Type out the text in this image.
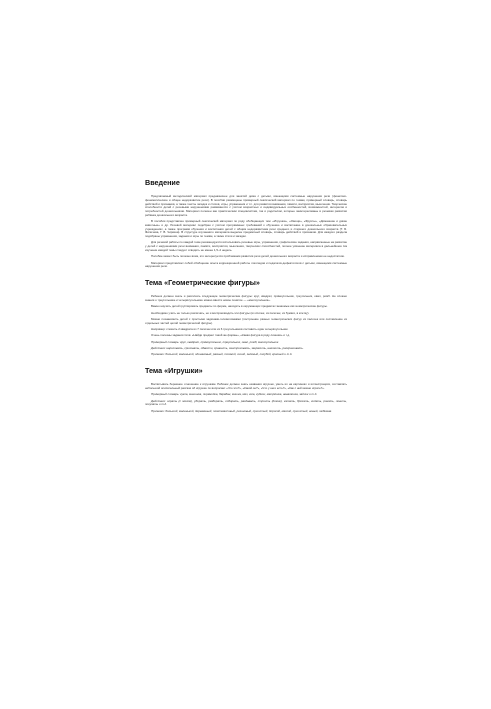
Введение

Предлагаемый методический материал предназначен для занятий дома с детьми, имеющими системные нарушения речи (фонетико-фонематическое и общее недоразвитие речи). В пособии размещены примерный лексический материал по темам, примерный словарь, словарь действий и признаков, а также тексты загадок и стихов, игры, упражнения и т.п. для развития внимания, памяти, восприятия, мышления. Творческие способности детей с речевыми нарушениями развиваются с учётом возрастных и индивидуальных особенностей, возможностей, интересов и потребностей дошкольников. Материал полезен как практическим специалистам, так и родителям, которые заинтересованы в речевом развитии ребёнка дошкольного возраста.

В пособии представлен примерный лексический материал по ряду обобщающих тем: «Игрушки», «Овощи», «Фрукты», «Домашние и дикие животные» и др. Речевой материал подобран с учётом программных требований к обучению и воспитанию в дошкольных образовательных учреждениях, а также программ обучения и воспитания детей с общим недоразвитием речи среднего и старшего дошкольного возраста (Т. Б. Филичева, Г. В. Чиркина). В структуре изучаемого материала выделен предметный словарь, словарь действий и признаков. Для каждого раздела подобраны упражнения, задания и игры по темам, а также стихи и загадки.

Для речевой работы по каждой теме рекомендуется использовать речевые игры, упражнения, графические задания, направленные на развитие у детей с нарушениями речи внимания, памяти, восприятия, мышления, творческих способностей, полное усвоение материала в дальнейшем. На изучение каждой темы следует отводить не менее 1,5–2 недель.

Пособие может быть полезно всем, кто интересуется проблемами развития речи детей дошкольного возраста и исправлением ее недостатков.

Материал представляет собой обобщение опыта коррекционной работы логопедов и педагогов-дефектологов с детьми, имеющими системные нарушения речи.

Тема «Геометрические фигуры»

Ребенок должен знать и различать следующие геометрические фигуры: круг, квадрат, прямоугольник, треугольник, овал, ромб. Не сложно знания о треугольнике и четырёхугольнике можно ввести новое понятие — «многоугольник».

Важно научить детей группировать предметы по форме, находить в окружающих предметах знакомые им геометрические фигуры.

Необходимо учить не только различать, но и воспроизводить эти фигуры (из спичек, из палочек, из бумаги, в клетку).

Можно познакомить детей с простыми задачами-головоломками (построение разных геометрических фигур из палочек или составление из отдельных частей целой геометрической фигуры).

Например: сложить 2 квадрата из 7 палочек или из 6 треугольников составить один четырёхугольник.

Очень полезны задания типа: «Найди предмет такой же формы», «Какая фигура в ряду лишняя» и т.д.

Примерный словарь: круг, квадрат, прямоугольник, треугольник, овал, ромб, многоугольник.

Действия: нарисовать, срисовать, обвести, сравнить, заштриховать, закрасить, наклеить, раскрашивать.

Признаки: большой, маленький, одинаковый, разный, похожий, синий, зелёный, голубой, красный и т.д.

Тема «Игрушки»

Воспитывать бережное отношение к игрушкам. Ребёнок должен знать названия игрушек, уметь их на картинках и иллюстрациях, составлять небольшой описательный рассказ об игрушке по вопросам: «Что это?», «Какой он?», «Что у него есть?», «Как с ней можно играть?».

Примерный словарь: кукла, машинка, пирамидка, барабан, мишка, мяч, юла, кубики, матрёшка, неваляшка, зайчик и т.д.

Действия: играть (с мячом), убирать, разбирать, собирать, раздавать, строить (домик), катать, бросать, кидать, ронять, ловить, покупать и т.д.

Признаки: большой, маленький, деревянный, пластмассовый, резиновый, пушистый, дорогой, мягкий, пушистый, новый, любимая.
